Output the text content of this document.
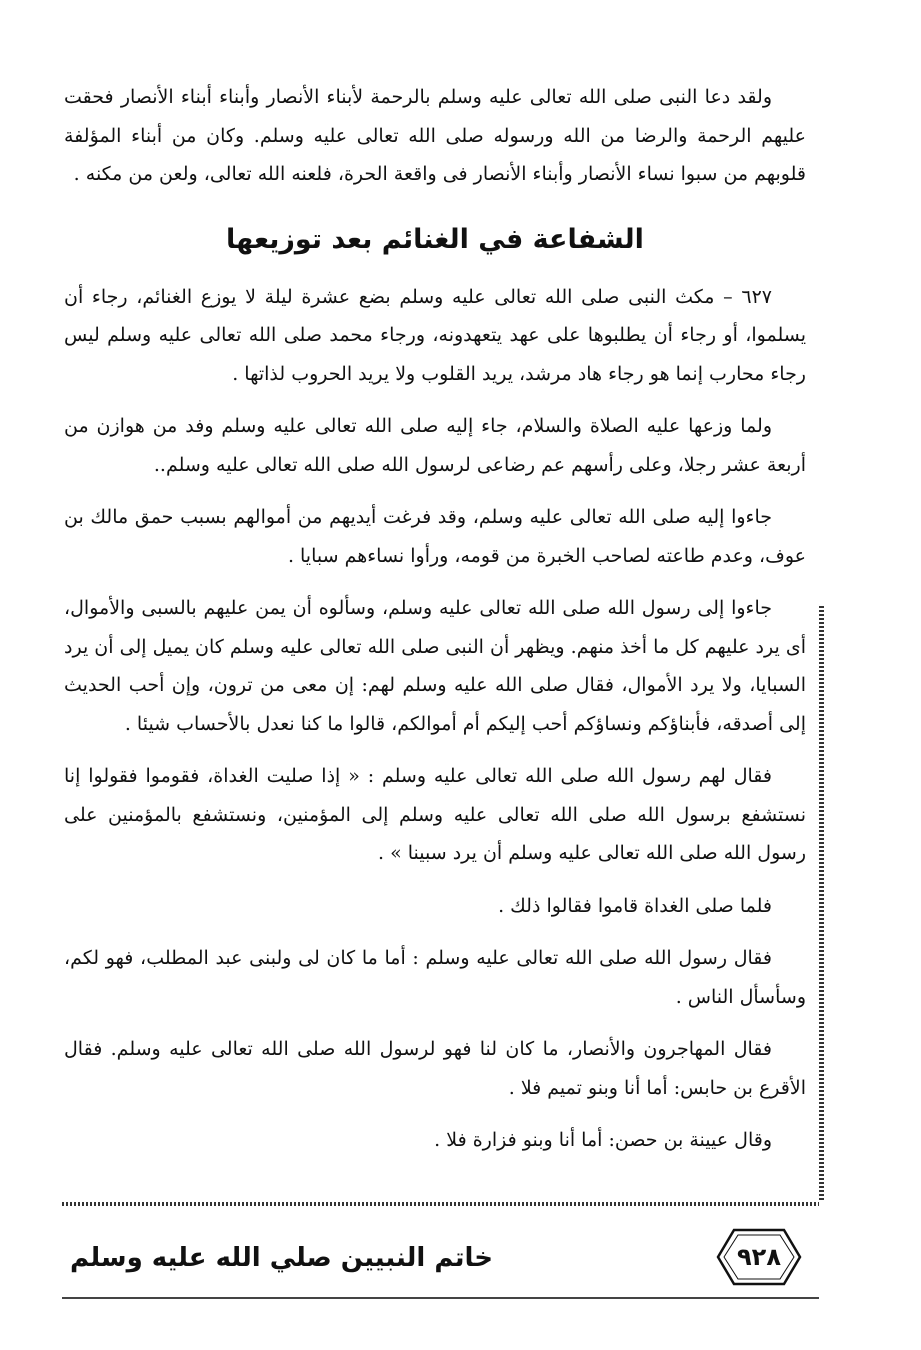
ولقد دعا النبى صلى الله تعالى عليه وسلم بالرحمة لأبناء الأنصار وأبناء أبناء الأنصار فحقت عليهم الرحمة والرضا من الله ورسوله صلى الله تعالى عليه وسلم. وكان من أبناء المؤلفة قلوبهم من سبوا نساء الأنصار وأبناء الأنصار فى واقعة الحرة، فلعنه الله تعالى، ولعن من مكنه .

الشفاعة في الغنائم بعد توزيعها

٦٢٧ – مكث النبى صلى الله تعالى عليه وسلم بضع عشرة ليلة لا يوزع الغنائم، رجاء أن يسلموا، أو رجاء أن يطلبوها على عهد يتعهدونه، ورجاء محمد صلى الله تعالى عليه وسلم ليس رجاء محارب إنما هو رجاء هاد مرشد، يريد القلوب ولا يريد الحروب لذاتها .

ولما وزعها عليه الصلاة والسلام، جاء إليه صلى الله تعالى عليه وسلم وفد من هوازن من أربعة عشر رجلا، وعلى رأسهم عم رضاعى لرسول الله صلى الله تعالى عليه وسلم..

جاءوا إليه صلى الله تعالى عليه وسلم، وقد فرغت أيديهم من أموالهم بسبب حمق مالك بن عوف، وعدم طاعته لصاحب الخبرة من قومه، ورأوا نساءهم سبايا .

جاءوا إلى رسول الله صلى الله تعالى عليه وسلم، وسألوه أن يمن عليهم بالسبى والأموال، أى يرد عليهم كل ما أخذ منهم. ويظهر أن النبى صلى الله تعالى عليه وسلم كان يميل إلى أن يرد السبايا، ولا يرد الأموال، فقال صلى الله عليه وسلم لهم: إن معى من ترون، وإن أحب الحديث إلى أصدقه، فأبناؤكم ونساؤكم أحب إليكم أم أموالكم، قالوا ما كنا نعدل بالأحساب شيئا .

فقال لهم رسول الله صلى الله تعالى عليه وسلم : « إذا صليت الغداة، فقوموا فقولوا إنا نستشفع برسول الله صلى الله تعالى عليه وسلم إلى المؤمنين، ونستشفع بالمؤمنين على رسول الله صلى الله تعالى عليه وسلم أن يرد سبينا » .

فلما صلى الغداة قاموا فقالوا ذلك .

فقال رسول الله صلى الله تعالى عليه وسلم : أما ما كان لى ولبنى عبد المطلب، فهو لكم، وسأسأل الناس .

فقال المهاجرون والأنصار، ما كان لنا فهو لرسول الله صلى الله تعالى عليه وسلم. فقال الأقرع بن حابس: أما أنا وبنو تميم فلا .

وقال عيينة بن حصن: أما أنا وبنو فزارة فلا .

٩٢٨
خاتم النبيين صلي الله عليه وسلم
